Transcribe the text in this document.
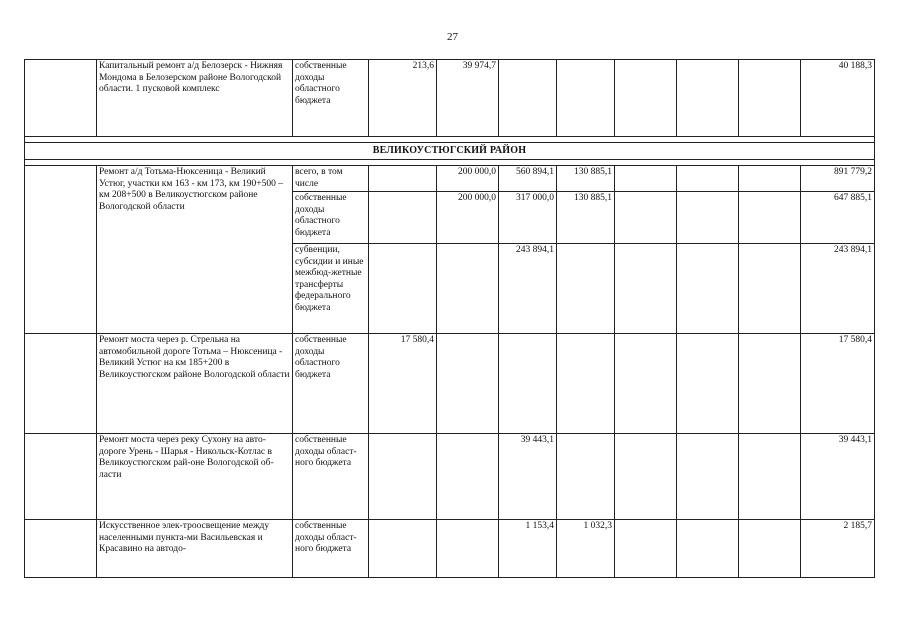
27

	Капитальный ремонт а/д Белозерск - Нижняя Мондома в Белозерском районе Вологодской области. 1 пусковой комплекс	собственные доходы областного бюджета	213,6	39 974,7						40 188,3

ВЕЛИКОУСТЮГСКИЙ РАЙОН										

	Ремонт а/д Тотьма-Нюксеница - Великий Устюг, участки км 163 - км 173, км 190+500 – км 208+500 в Великоустюгском районе Вологодской области	всего, в том числе		200 000,0	560 894,1	130 885,1				891 779,2

		собственные доходы областного бюджета		200 000,0	317 000,0	130 885,1				647 885,1

		субвенции, субсидии и иные межбюд-жетные трансферты федерального бюджета			243 894,1					243 894,1

	Ремонт моста через р. Стрельна на автомобильной дороге Тотьма – Нюксеница - Великий Устюг на км 185+200 в Великоустюгском районе Вологодской области	собственные доходы областного бюджета	17 580,4							17 580,4

	Ремонт моста через реку Сухону на авто-дороге Урень - Шарья - Никольск-Котлас в Великоустюгском рай-оне Вологодской об-ласти	собственные доходы област-ного бюджета			39 443,1					39 443,1

	Искусственное элек-троосвещение между населенными пункта-ми Васильевская и Красавино на автодо-	собственные доходы област-ного бюджета			1 153,4	1 032,3				2 185,7
